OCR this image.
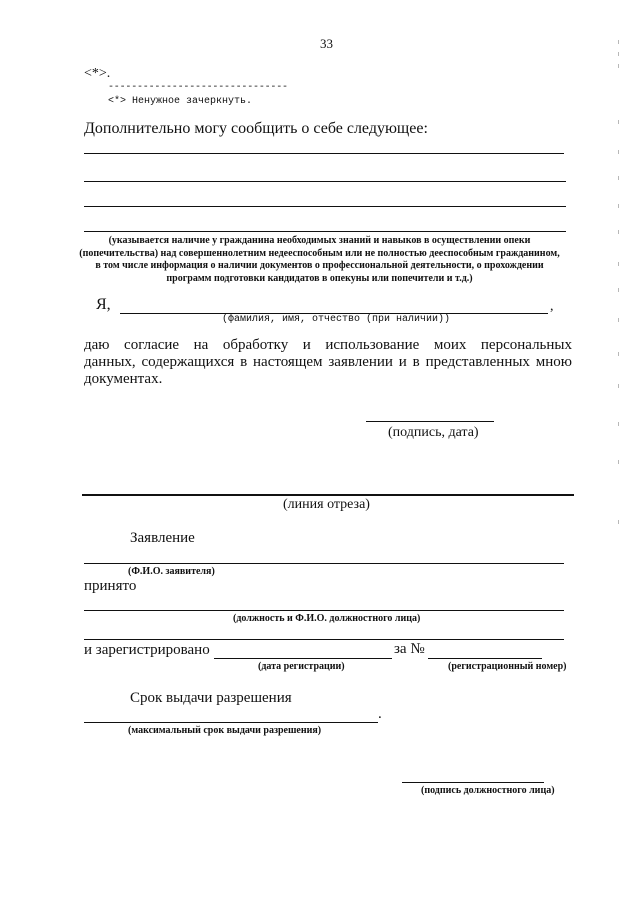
33
<*>.
-------------------------------
<*> Ненужное зачеркнуть.
Дополнительно могу сообщить о себе следующее:
(указывается наличие у гражданина необходимых знаний и навыков в осуществлении опеки
(попечительства) над совершеннолетним недееспособным или не полностью дееспособным гражданином,
в том числе информация о наличии документов о профессиональной деятельности, о прохождении
программ подготовки кандидатов в опекуны или попечители и т.д.)
Я,	,
(фамилия, имя, отчество (при наличии))
даю согласие на обработку и использование моих персональных
данных, содержащихся в настоящем заявлении и в представленных мною
документах.
(подпись, дата)
(линия отреза)
Заявление
(Ф.И.О. заявителя)
принято
(должность и Ф.И.О. должностного лица)
и зарегистрировано	за №
(дата регистрации)	(регистрационный номер)
Срок выдачи разрешения
.
(максимальный срок выдачи разрешения)
(подпись должностного лица)
